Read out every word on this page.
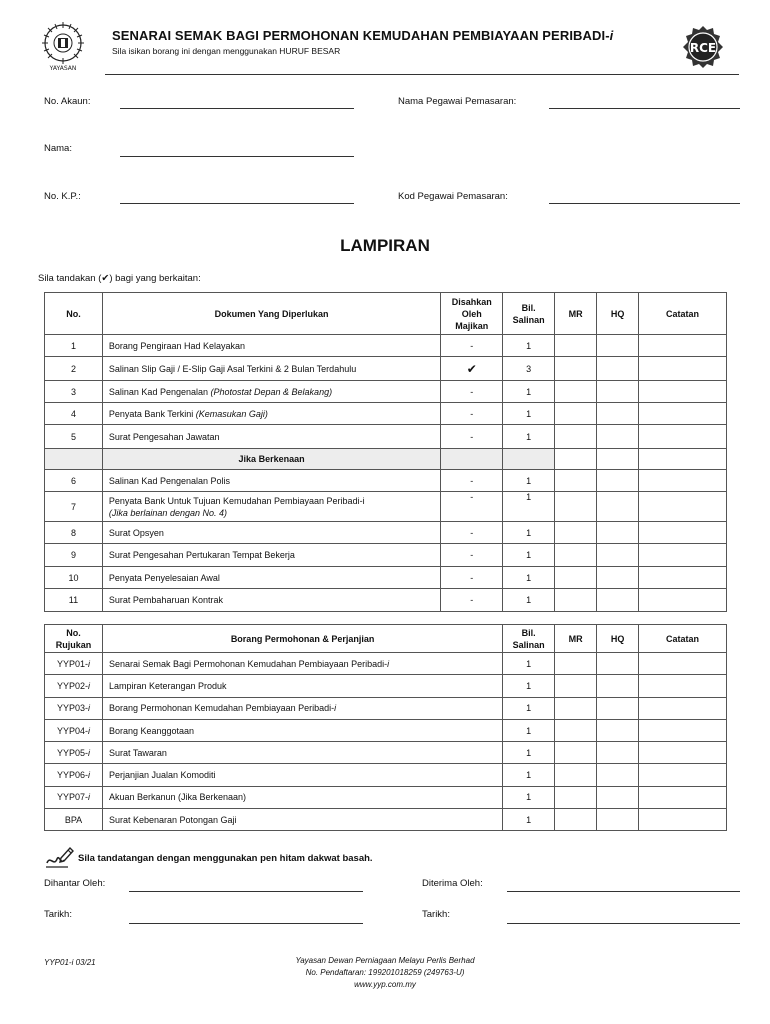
YAYASAN
SENARAI SEMAK BAGI PERMOHONAN KEMUDAHAN PEMBIAYAAN PERIBADI-i
Sila isikan borang ini dengan menggunakan HURUF BESAR	RCE
No. Akaun:	Nama Pegawai Pemasaran:
Nama:
No. K.P.:	Kod Pegawai Pemasaran:
LAMPIRAN
Sila tandakan (✔) bagi yang berkaitan:
No.	Dokumen Yang Diperlukan	Disahkan
Oleh
Majikan	Bil.
Salinan	MR	HQ	Catatan
1	Borang Pengiraan Had Kelayakan	-	1			
2	Salinan Slip Gaji / E-Slip Gaji Asal Terkini & 2 Bulan Terdahulu	✔	3			
3	Salinan Kad Pengenalan (Photostat Depan & Belakang)	-	1			
4	Penyata Bank Terkini (Kemasukan Gaji)	-	1			
5	Surat Pengesahan Jawatan	-	1			
	Jika Berkenaan					
6	Salinan Kad Pengenalan Polis	-	1			
7	Penyata Bank Untuk Tujuan Kemudahan Pembiayaan Peribadi-i
(Jika berlainan dengan No. 4)	-	1			
8	Surat Opsyen	-	1			
9	Surat Pengesahan Pertukaran Tempat Bekerja	-	1			
10	Penyata Penyelesaian Awal	-	1			
11	Surat Pembaharuan Kontrak	-	1			
No.
Rujukan	Borang Permohonan & Perjanjian	Bil.
Salinan	MR	HQ	Catatan
YYP01-i	Senarai Semak Bagi Permohonan Kemudahan Pembiayaan Peribadi-i	1			
YYP02-i	Lampiran Keterangan Produk	1			
YYP03-i	Borang Permohonan Kemudahan Pembiayaan Peribadi-i	1			
YYP04-i	Borang Keanggotaan	1			
YYP05-i	Surat Tawaran	1			
YYP06-i	Perjanjian Jualan Komoditi	1			
YYP07-i	Akuan Berkanun (Jika Berkenaan)	1			
BPA	Surat Kebenaran Potongan Gaji	1			
Sila tandatangan dengan menggunakan pen hitam dakwat basah.
Dihantar Oleh:	Diterima Oleh:
Tarikh:	Tarikh:
YYP01-i 03/21	Yayasan Dewan Perniagaan Melayu Perlis Berhad
No. Pendaftaran: 199201018259 (249763-U)
www.yyp.com.my
